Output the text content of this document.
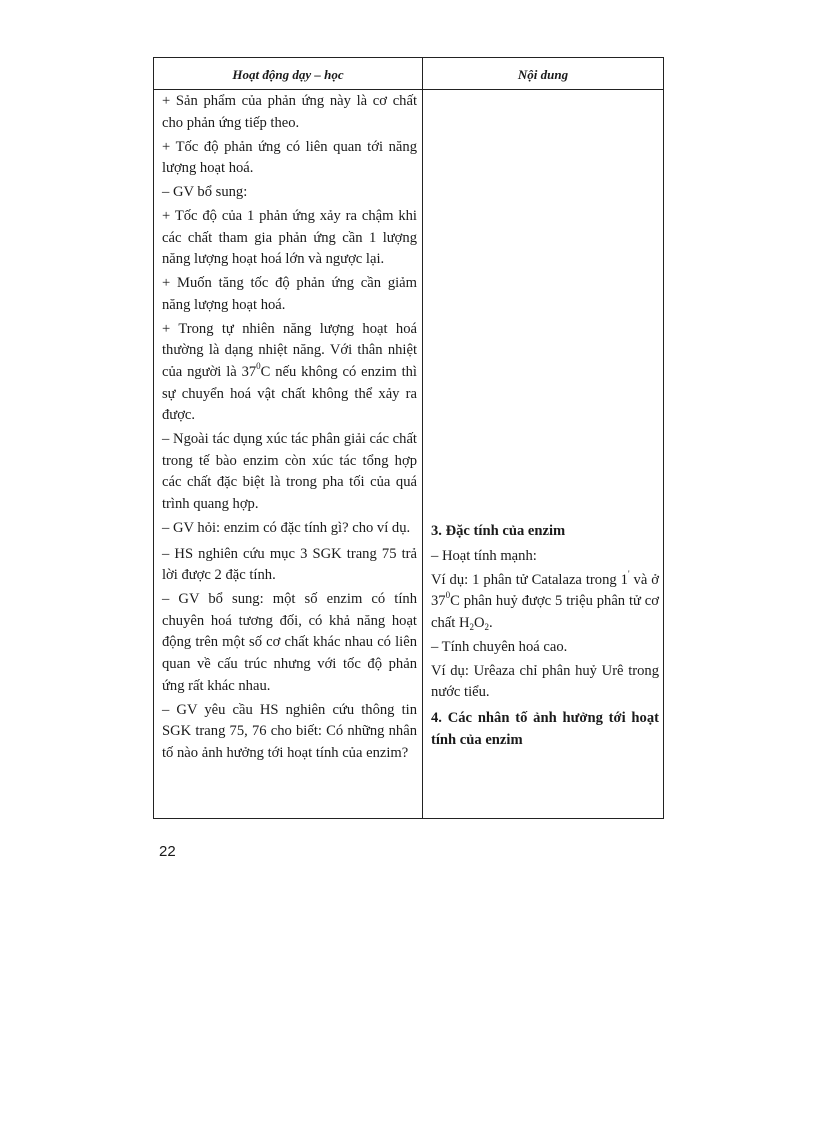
Hoạt động dạy – học	Nội dung

+ Sản phẩm của phản ứng này là cơ chất cho phản ứng tiếp theo.

+ Tốc độ phản ứng có liên quan tới năng lượng hoạt hoá.

– GV bổ sung:

+ Tốc độ của 1 phản ứng xảy ra chậm khi các chất tham gia phản ứng cần 1 lượng năng lượng hoạt hoá lớn và ngược lại.

+ Muốn tăng tốc độ phản ứng cần giảm năng lượng hoạt hoá.

+ Trong tự nhiên năng lượng hoạt hoá thường là dạng nhiệt năng. Với thân nhiệt của người là $37^0C$ nếu không có enzim thì sự chuyển hoá vật chất không thể xảy ra được.

– Ngoài tác dụng xúc tác phân giải các chất trong tế bào enzim còn xúc tác tổng hợp các chất đặc biệt là trong pha tối của quá trình quang hợp.

– GV hỏi: enzim có đặc tính gì? cho ví dụ.

– HS nghiên cứu mục 3 SGK trang 75 trả lời được 2 đặc tính.

– GV bổ sung: một số enzim có tính chuyên hoá tương đối, có khả năng hoạt động trên một số cơ chất khác nhau có liên quan về cấu trúc nhưng với tốc độ phản ứng rất khác nhau.

– GV yêu cầu HS nghiên cứu thông tin SGK trang 75, 76 cho biết: Có những nhân tố nào ảnh hưởng tới hoạt tính của enzim?

3. Đặc tính của enzim

– Hoạt tính mạnh:

Ví dụ: 1 phân tử Catalaza trong 1' và ở $37^0C$ phân huỷ được 5 triệu phân tử cơ chất $H_2O_2$.

– Tính chuyên hoá cao.

Ví dụ: Urêaza chỉ phân huỷ Urê trong nước tiểu.

4. Các nhân tố ảnh hưởng tới hoạt tính của enzim

22
